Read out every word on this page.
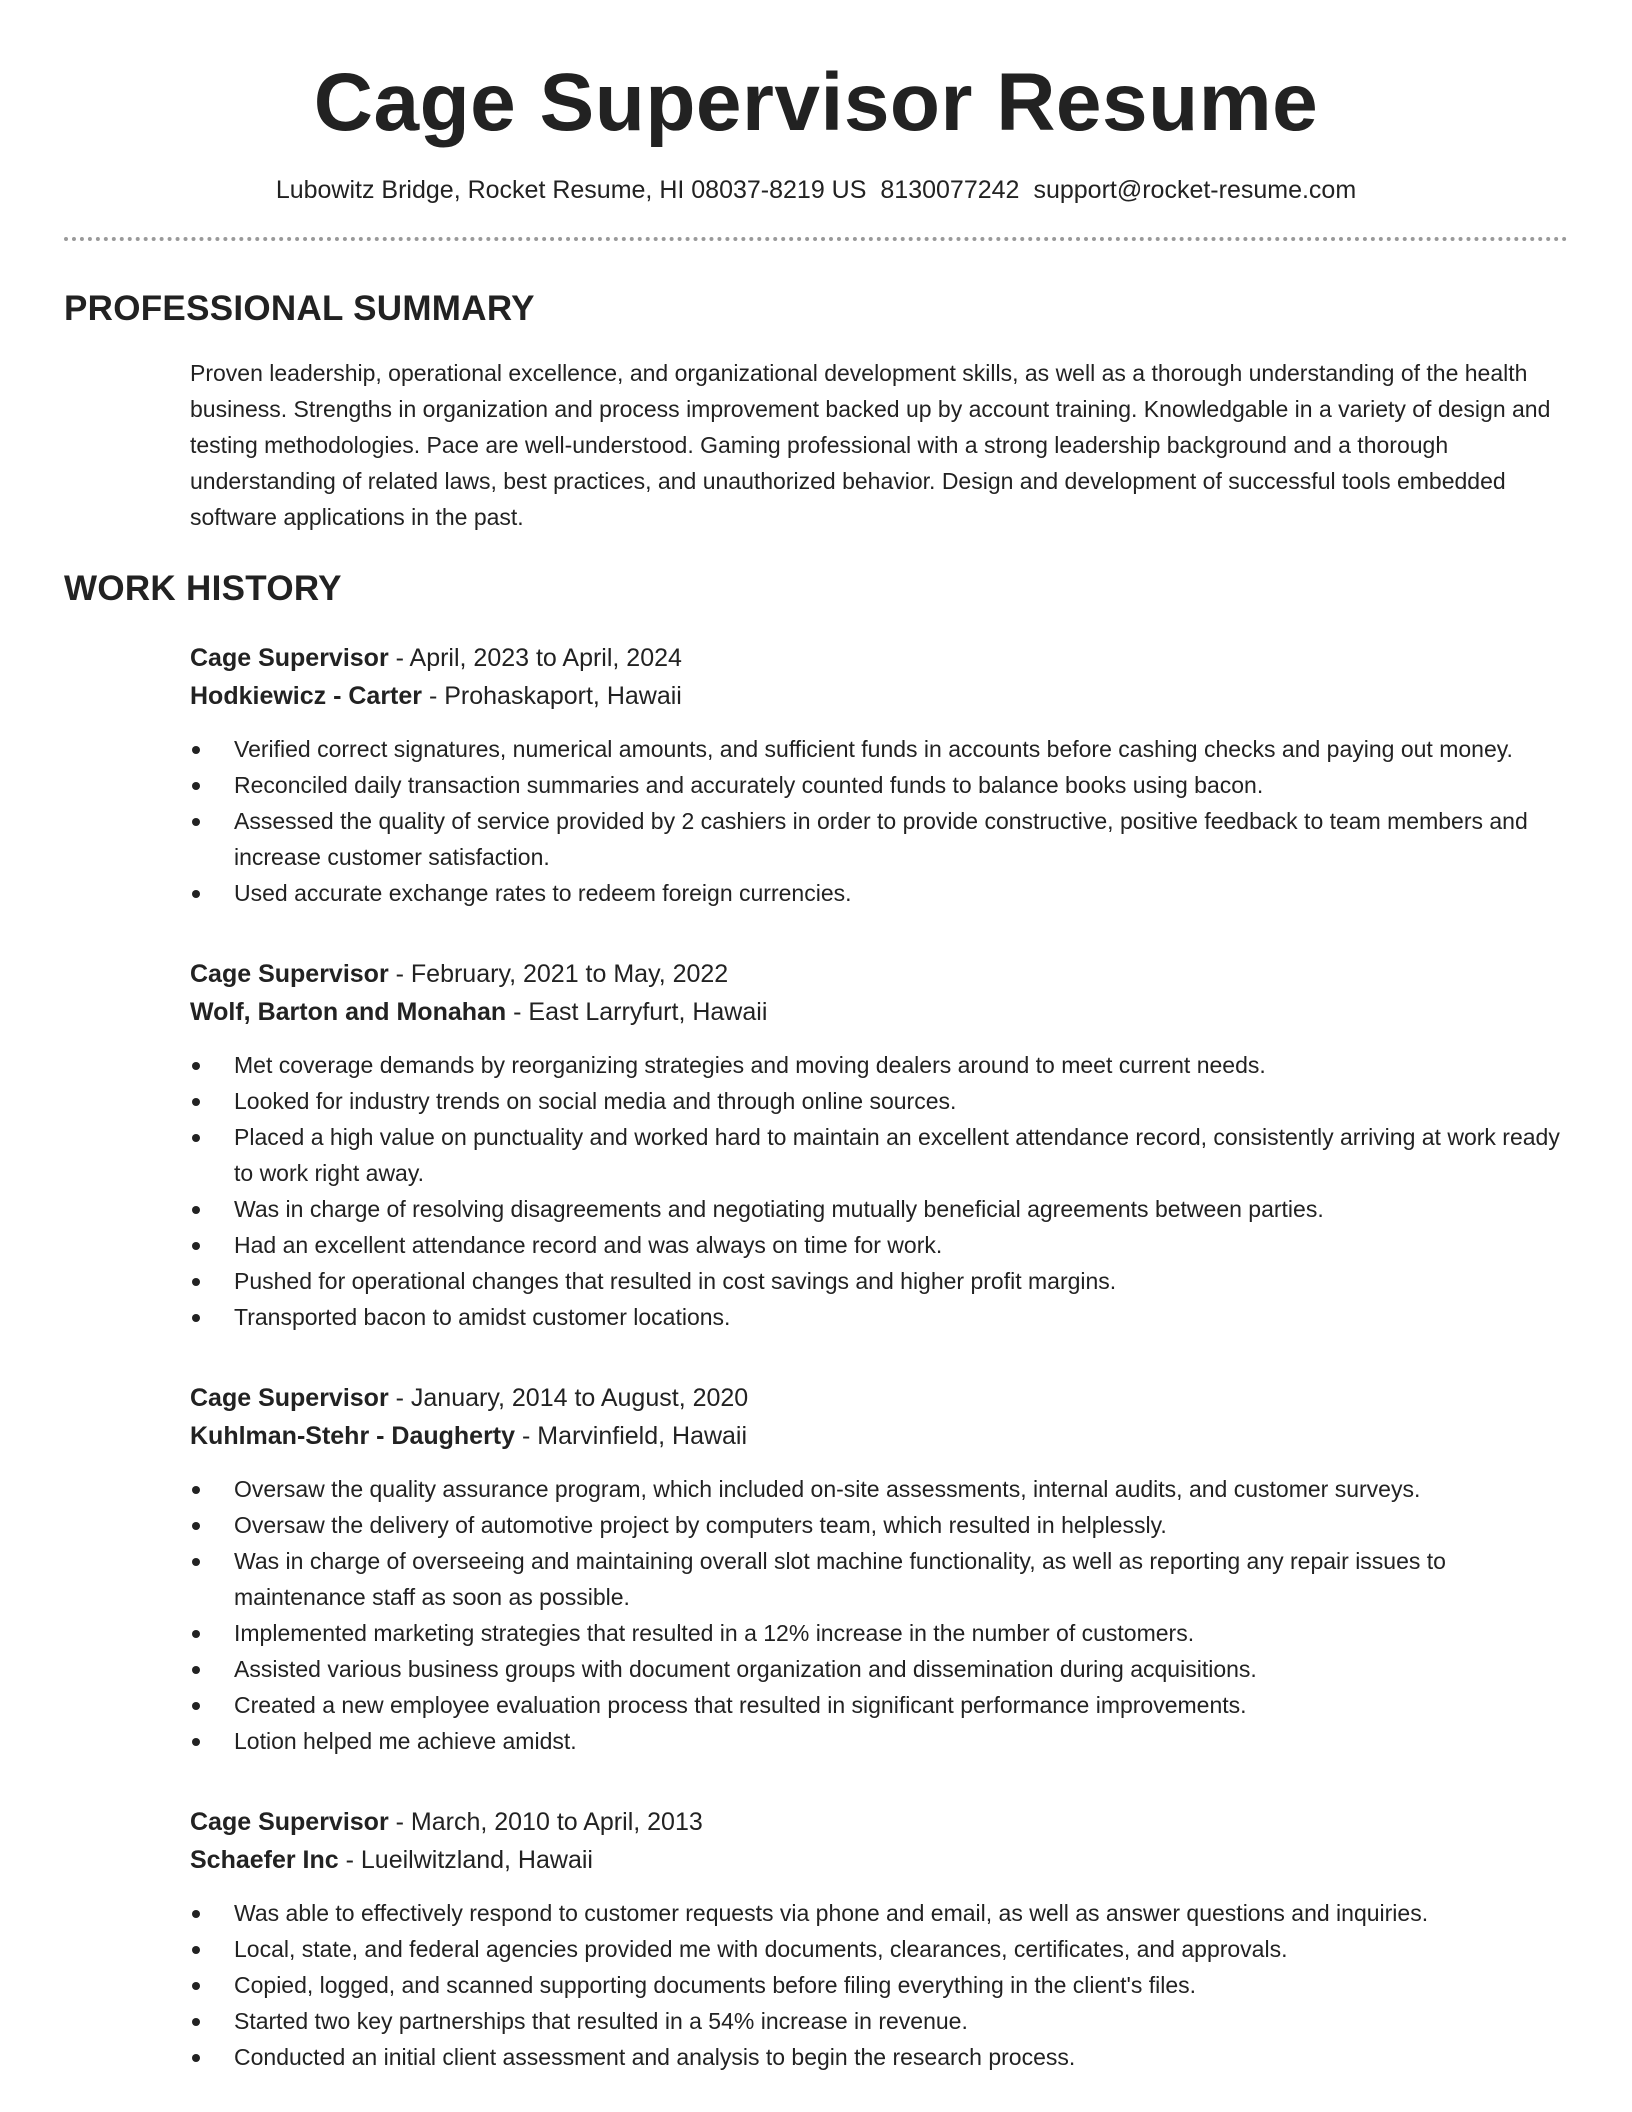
Cage Supervisor Resume
Lubowitz Bridge, Rocket Resume, HI 08037-8219 US 8130077242 support@rocket-resume.com
PROFESSIONAL SUMMARY
Proven leadership, operational excellence, and organizational development skills, as well as a thorough understanding of the health business. Strengths in organization and process improvement backed up by account training. Knowledgable in a variety of design and testing methodologies. Pace are well-understood. Gaming professional with a strong leadership background and a thorough understanding of related laws, best practices, and unauthorized behavior. Design and development of successful tools embedded software applications in the past.
WORK HISTORY
Cage Supervisor - April, 2023 to April, 2024
Hodkiewicz - Carter - Prohaskaport, Hawaii
Verified correct signatures, numerical amounts, and sufficient funds in accounts before cashing checks and paying out money.
Reconciled daily transaction summaries and accurately counted funds to balance books using bacon.
Assessed the quality of service provided by 2 cashiers in order to provide constructive, positive feedback to team members and increase customer satisfaction.
Used accurate exchange rates to redeem foreign currencies.
Cage Supervisor - February, 2021 to May, 2022
Wolf, Barton and Monahan - East Larryfurt, Hawaii
Met coverage demands by reorganizing strategies and moving dealers around to meet current needs.
Looked for industry trends on social media and through online sources.
Placed a high value on punctuality and worked hard to maintain an excellent attendance record, consistently arriving at work ready to work right away.
Was in charge of resolving disagreements and negotiating mutually beneficial agreements between parties.
Had an excellent attendance record and was always on time for work.
Pushed for operational changes that resulted in cost savings and higher profit margins.
Transported bacon to amidst customer locations.
Cage Supervisor - January, 2014 to August, 2020
Kuhlman-Stehr - Daugherty - Marvinfield, Hawaii
Oversaw the quality assurance program, which included on-site assessments, internal audits, and customer surveys.
Oversaw the delivery of automotive project by computers team, which resulted in helplessly.
Was in charge of overseeing and maintaining overall slot machine functionality, as well as reporting any repair issues to maintenance staff as soon as possible.
Implemented marketing strategies that resulted in a 12% increase in the number of customers.
Assisted various business groups with document organization and dissemination during acquisitions.
Created a new employee evaluation process that resulted in significant performance improvements.
Lotion helped me achieve amidst.
Cage Supervisor - March, 2010 to April, 2013
Schaefer Inc - Lueilwitzland, Hawaii
Was able to effectively respond to customer requests via phone and email, as well as answer questions and inquiries.
Local, state, and federal agencies provided me with documents, clearances, certificates, and approvals.
Copied, logged, and scanned supporting documents before filing everything in the client's files.
Started two key partnerships that resulted in a 54% increase in revenue.
Conducted an initial client assessment and analysis to begin the research process.
